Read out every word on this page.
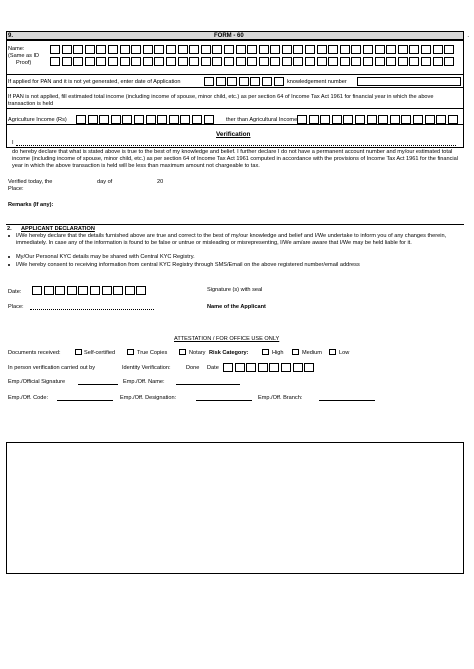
9.	FORM - 60	.
Name:
(Same as ID
Proof)
If applied for PAN and it is not yet generated, enter date of Application	knowledgement number
If PAN is not applied, fill estimated total income (including income of spouse, minor child, etc.) as per section 64 of Income Tax Act 1961 for financial year in which the above transaction is held
Agriculture Income (Rs)	ther than Agricultural Income
Verification
I
do hereby declare that what is stated above is true to the best of my knowledge and belief. I further declare I do not have a permanent account number and my/our estimated total income (including income of spouse, minor child, etc.) as per section 64 of Income Tax Act 1961 computed in accordance with the provisions of Income Tax Act 1961 for the financial year in which the above transaction is held will be less than maximum amount not chargeable to tax.
Verified today, the	day of	20
Place:
Remarks (If any):
2. APPLICANT DECLARATION
I/We hereby declare that the details furnished above are true and correct to the best of my/our knowledge and belief and I/We undertake to inform you of any changes therein, immediately. In case any of the information is found to be false or untrue or misleading or misrepresenting, I/We am/are aware that I/We may be held liable for it.
My/Our Personal KYC details may be shared with Central KYC Registry.
I/We hereby consent to receiving information from central KYC Registry through SMS/Email on the above registered number/email address
Date:	Signature (s) with seal
Place:	Name of the Applicant
ATTESTATION / FOR OFFICE USE ONLY
Documents received:	Self-certified	True Copies	Notary Risk Category:	High	Medium	Low
In person verification carried out by	Identity Verification:	Done Date
Emp./Official Signature	Emp./Off. Name:
Emp./Off. Code:	Emp./Off. Designation:	Emp./Off. Branch:
